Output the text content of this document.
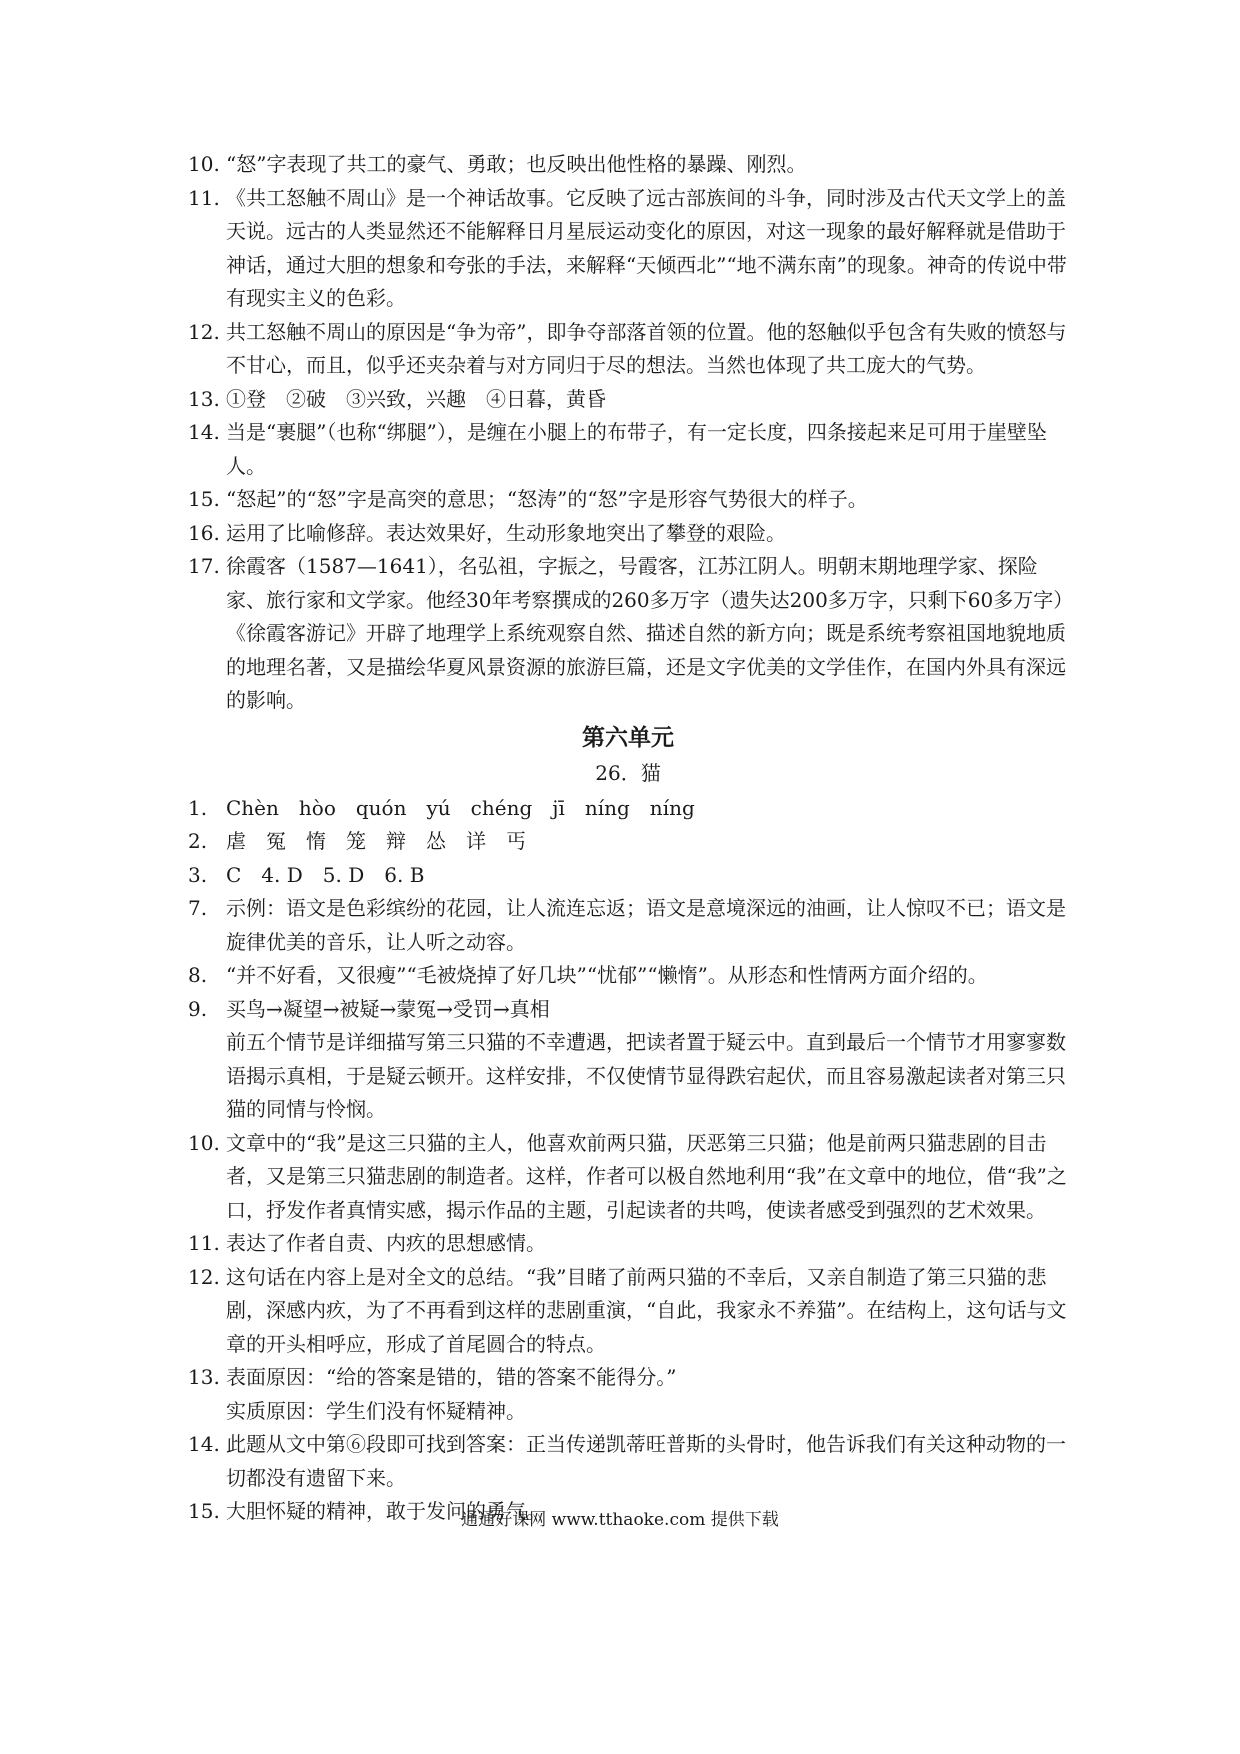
10. “怒”字表现了共工的豪气、勇敢；也反映出他性格的暴躁、刚烈。

11. 《共工怒触不周山》是一个神话故事。它反映了远古部族间的斗争，同时涉及古代天文学上的盖天说。远古的人类显然还不能解释日月星辰运动变化的原因，对这一现象的最好解释就是借助于神话，通过大胆的想象和夸张的手法，来解释“天倾西北”“地不满东南”的现象。神奇的传说中带有现实主义的色彩。

12. 共工怒触不周山的原因是“争为帝”，即争夺部落首领的位置。他的怒触似乎包含有失败的愤怒与不甘心，而且，似乎还夹杂着与对方同归于尽的想法。当然也体现了共工庞大的气势。

13. ①登　②破　③兴致，兴趣　④日暮，黄昏

14. 当是“裹腿”（也称“绑腿”），是缠在小腿上的布带子，有一定长度，四条接起来足可用于崖壁坠人。

15. “怒起”的“怒”字是高突的意思；“怒涛”的“怒”字是形容气势很大的样子。

16. 运用了比喻修辞。表达效果好，生动形象地突出了攀登的艰险。

17. 徐霞客（1587—1641），名弘祖，字振之，号霞客，江苏江阴人。明朝末期地理学家、探险家、旅行家和文学家。他经30年考察撰成的260多万字（遗失达200多万字，只剩下60多万字）《徐霞客游记》开辟了地理学上系统观察自然、描述自然的新方向；既是系统考察祖国地貌地质的地理名著，又是描绘华夏风景资源的旅游巨篇，还是文字优美的文学佳作，在国内外具有深远的影响。

第六单元
26．猫
1. Chèn　hòo　quón　yú　chéng　jī　níng　níng

2. 虐　冤　惰　笼　辩　怂　详　丐

3. C　4. D　5. D　6. B

7. 示例：语文是色彩缤纷的花园，让人流连忘返；语文是意境深远的油画，让人惊叹不已；语文是旋律优美的音乐，让人听之动容。

8. “并不好看，又很瘦”“毛被烧掉了好几块”“忧郁”“懒惰”。从形态和性情两方面介绍的。

9. 买鸟→凝望→被疑→蒙冤→受罚→真相

前五个情节是详细描写第三只猫的不幸遭遇，把读者置于疑云中。直到最后一个情节才用寥寥数语揭示真相，于是疑云顿开。这样安排，不仅使情节显得跌宕起伏，而且容易激起读者对第三只猫的同情与怜悯。

10. 文章中的“我”是这三只猫的主人，他喜欢前两只猫，厌恶第三只猫；他是前两只猫悲剧的目击者，又是第三只猫悲剧的制造者。这样，作者可以极自然地利用“我”在文章中的地位，借“我”之口，抒发作者真情实感，揭示作品的主题，引起读者的共鸣，使读者感受到强烈的艺术效果。

11. 表达了作者自责、内疚的思想感情。

12. 这句话在内容上是对全文的总结。“我”目睹了前两只猫的不幸后，又亲自制造了第三只猫的悲剧，深感内疚，为了不再看到这样的悲剧重演，“自此，我家永不养猫”。在结构上，这句话与文章的开头相呼应，形成了首尾圆合的特点。

13. 表面原因：“给的答案是错的，错的答案不能得分。”

实质原因：学生们没有怀疑精神。

14. 此题从文中第⑥段即可找到答案：正当传递凯蒂旺普斯的头骨时，他告诉我们有关这种动物的一切都没有遗留下来。

15. 大胆怀疑的精神，敢于发问的勇气。

通通好课网 www.tthaoke.com 提供下载
